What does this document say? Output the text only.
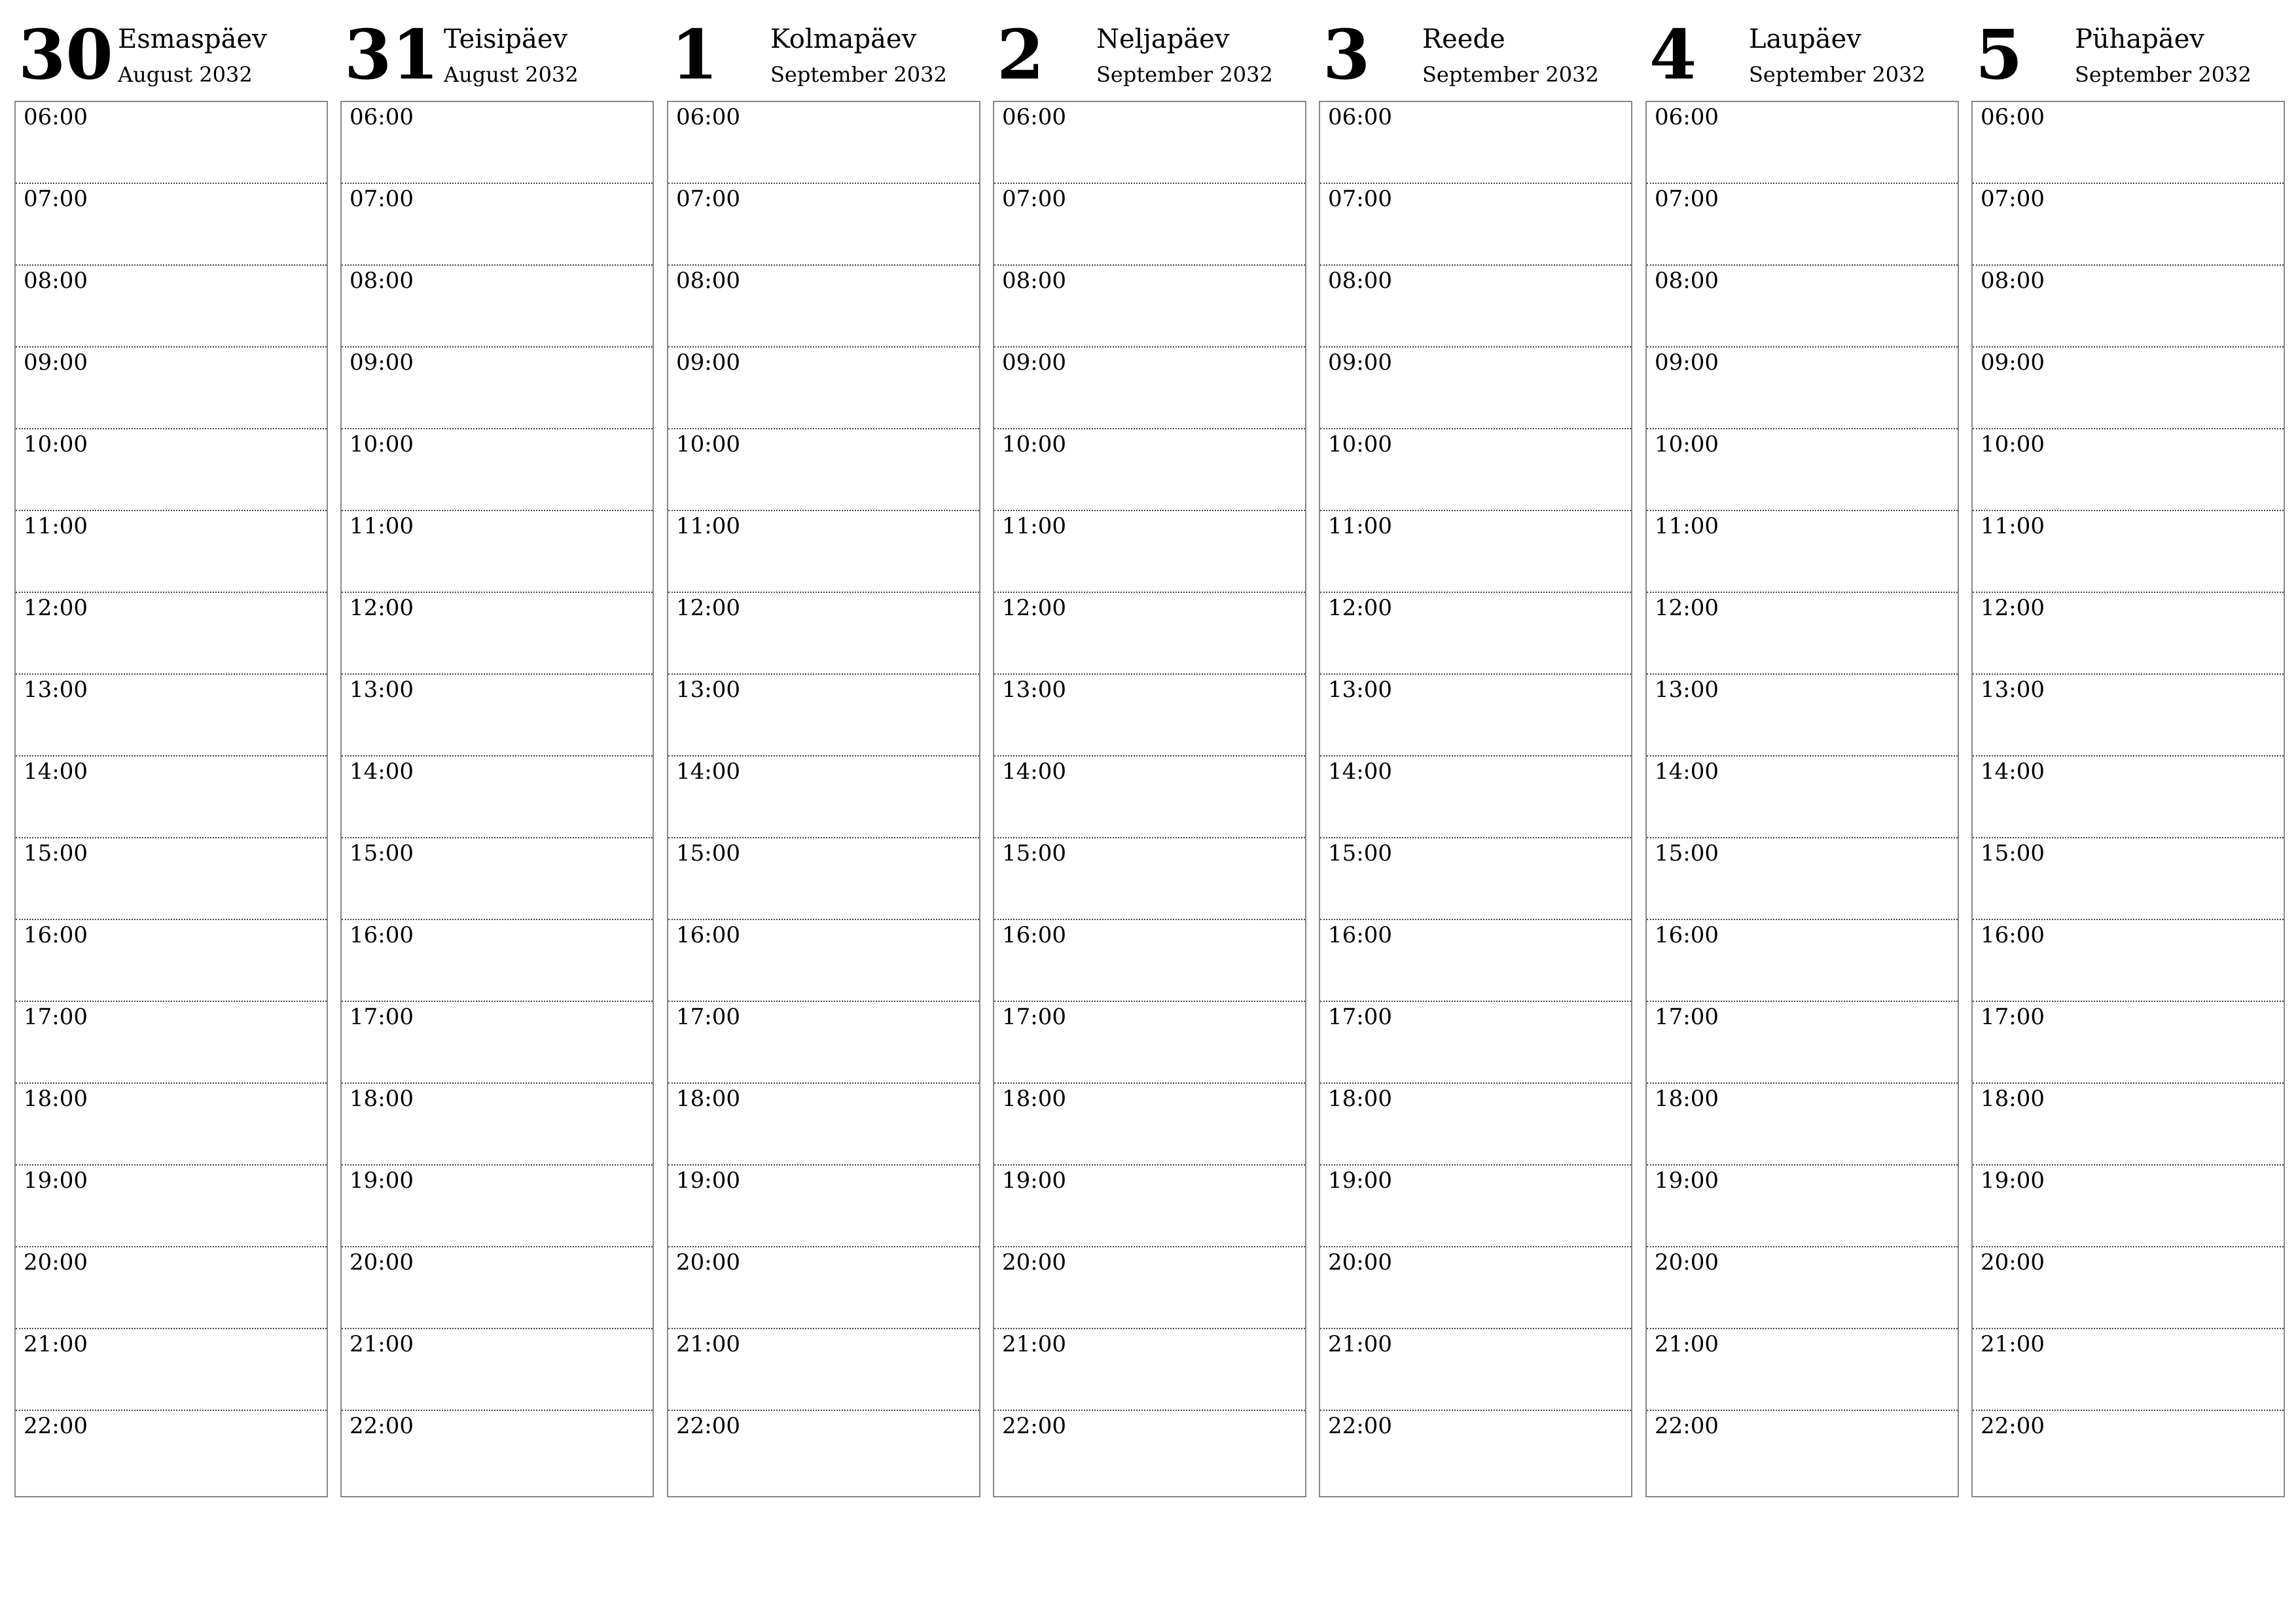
30 Esmaspäev
August 2032
06:00
07:00
08:00
09:00
10:00
11:00
12:00
13:00
14:00
15:00
16:00
17:00
18:00
19:00
20:00
21:00
22:00
31 Teisipäev
August 2032
06:00
07:00
08:00
09:00
10:00
11:00
12:00
13:00
14:00
15:00
16:00
17:00
18:00
19:00
20:00
21:00
22:00
1 Kolmapäev
September 2032
06:00
07:00
08:00
09:00
10:00
11:00
12:00
13:00
14:00
15:00
16:00
17:00
18:00
19:00
20:00
21:00
22:00
2 Neljapäev
September 2032
06:00
07:00
08:00
09:00
10:00
11:00
12:00
13:00
14:00
15:00
16:00
17:00
18:00
19:00
20:00
21:00
22:00
3 Reede
September 2032
06:00
07:00
08:00
09:00
10:00
11:00
12:00
13:00
14:00
15:00
16:00
17:00
18:00
19:00
20:00
21:00
22:00
4 Laupäev
September 2032
06:00
07:00
08:00
09:00
10:00
11:00
12:00
13:00
14:00
15:00
16:00
17:00
18:00
19:00
20:00
21:00
22:00
5 Pühapäev
September 2032
06:00
07:00
08:00
09:00
10:00
11:00
12:00
13:00
14:00
15:00
16:00
17:00
18:00
19:00
20:00
21:00
22:00
